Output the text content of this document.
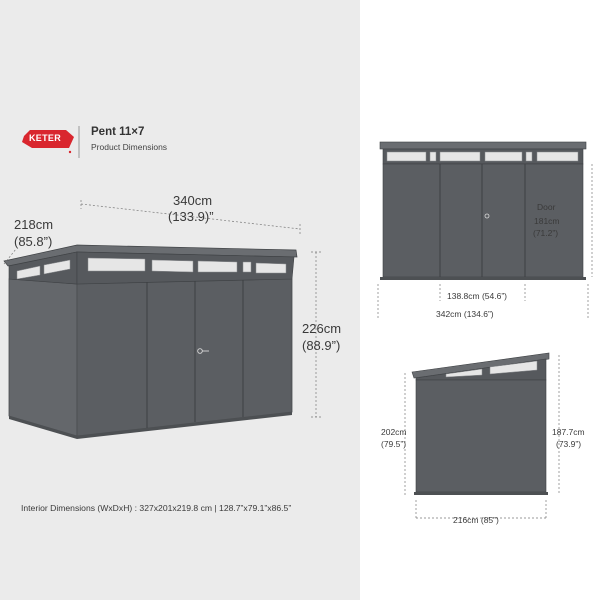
KETER	Pent 11×7
Product Dimensions
340cm
(133.9)”
218cm
(85.8”)
226cm
(88.9”)
Interior Dimensions (WxDxH) : 327x201x219.8 cm | 128.7”x79.1”x86.5”
Door
181cm
(71.2”)
138.8cm (54.6”)
342cm (134.6”)
202cm
(79.5”)
187.7cm
(73.9”)
216cm (85”)
